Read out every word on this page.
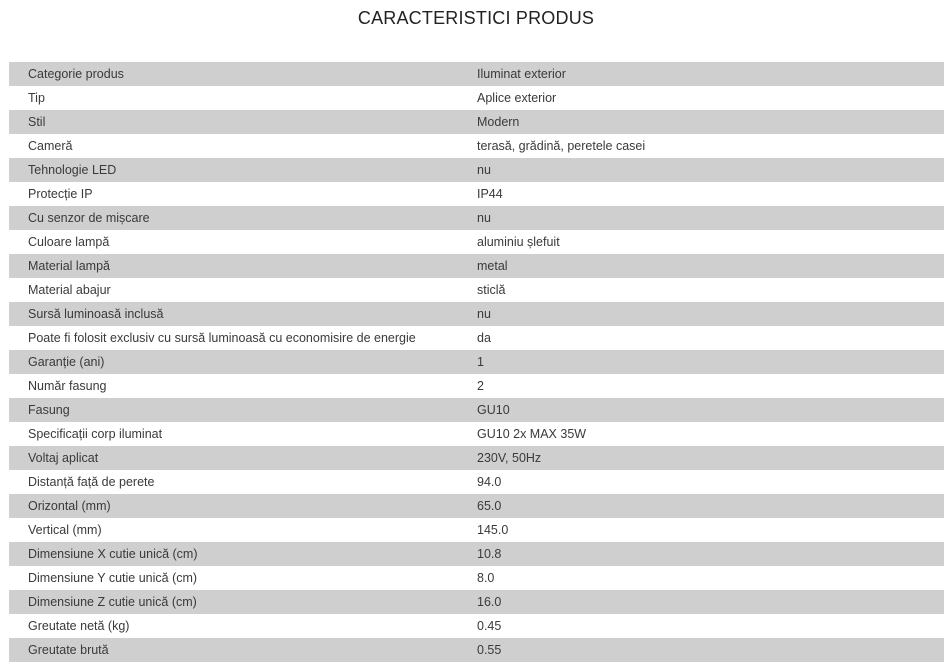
CARACTERISTICI PRODUS
Categorie produs	Iluminat exterior
Tip	Aplice exterior
Stil	Modern
Cameră	terasă, grădină, peretele casei
Tehnologie LED	nu
Protecție IP	IP44
Cu senzor de mișcare	nu
Culoare lampă	aluminiu șlefuit
Material lampă	metal
Material abajur	sticlă
Sursă luminoasă inclusă	nu
Poate fi folosit exclusiv cu sursă luminoasă cu economisire de energie	da
Garanție (ani)	1
Număr fasung	2
Fasung	GU10
Specificații corp iluminat	GU10 2x MAX 35W
Voltaj aplicat	230V, 50Hz
Distanță față de perete	94.0
Orizontal (mm)	65.0
Vertical (mm)	145.0
Dimensiune X cutie unică (cm)	10.8
Dimensiune Y cutie unică (cm)	8.0
Dimensiune Z cutie unică (cm)	16.0
Greutate netă (kg)	0.45
Greutate brută	0.55
